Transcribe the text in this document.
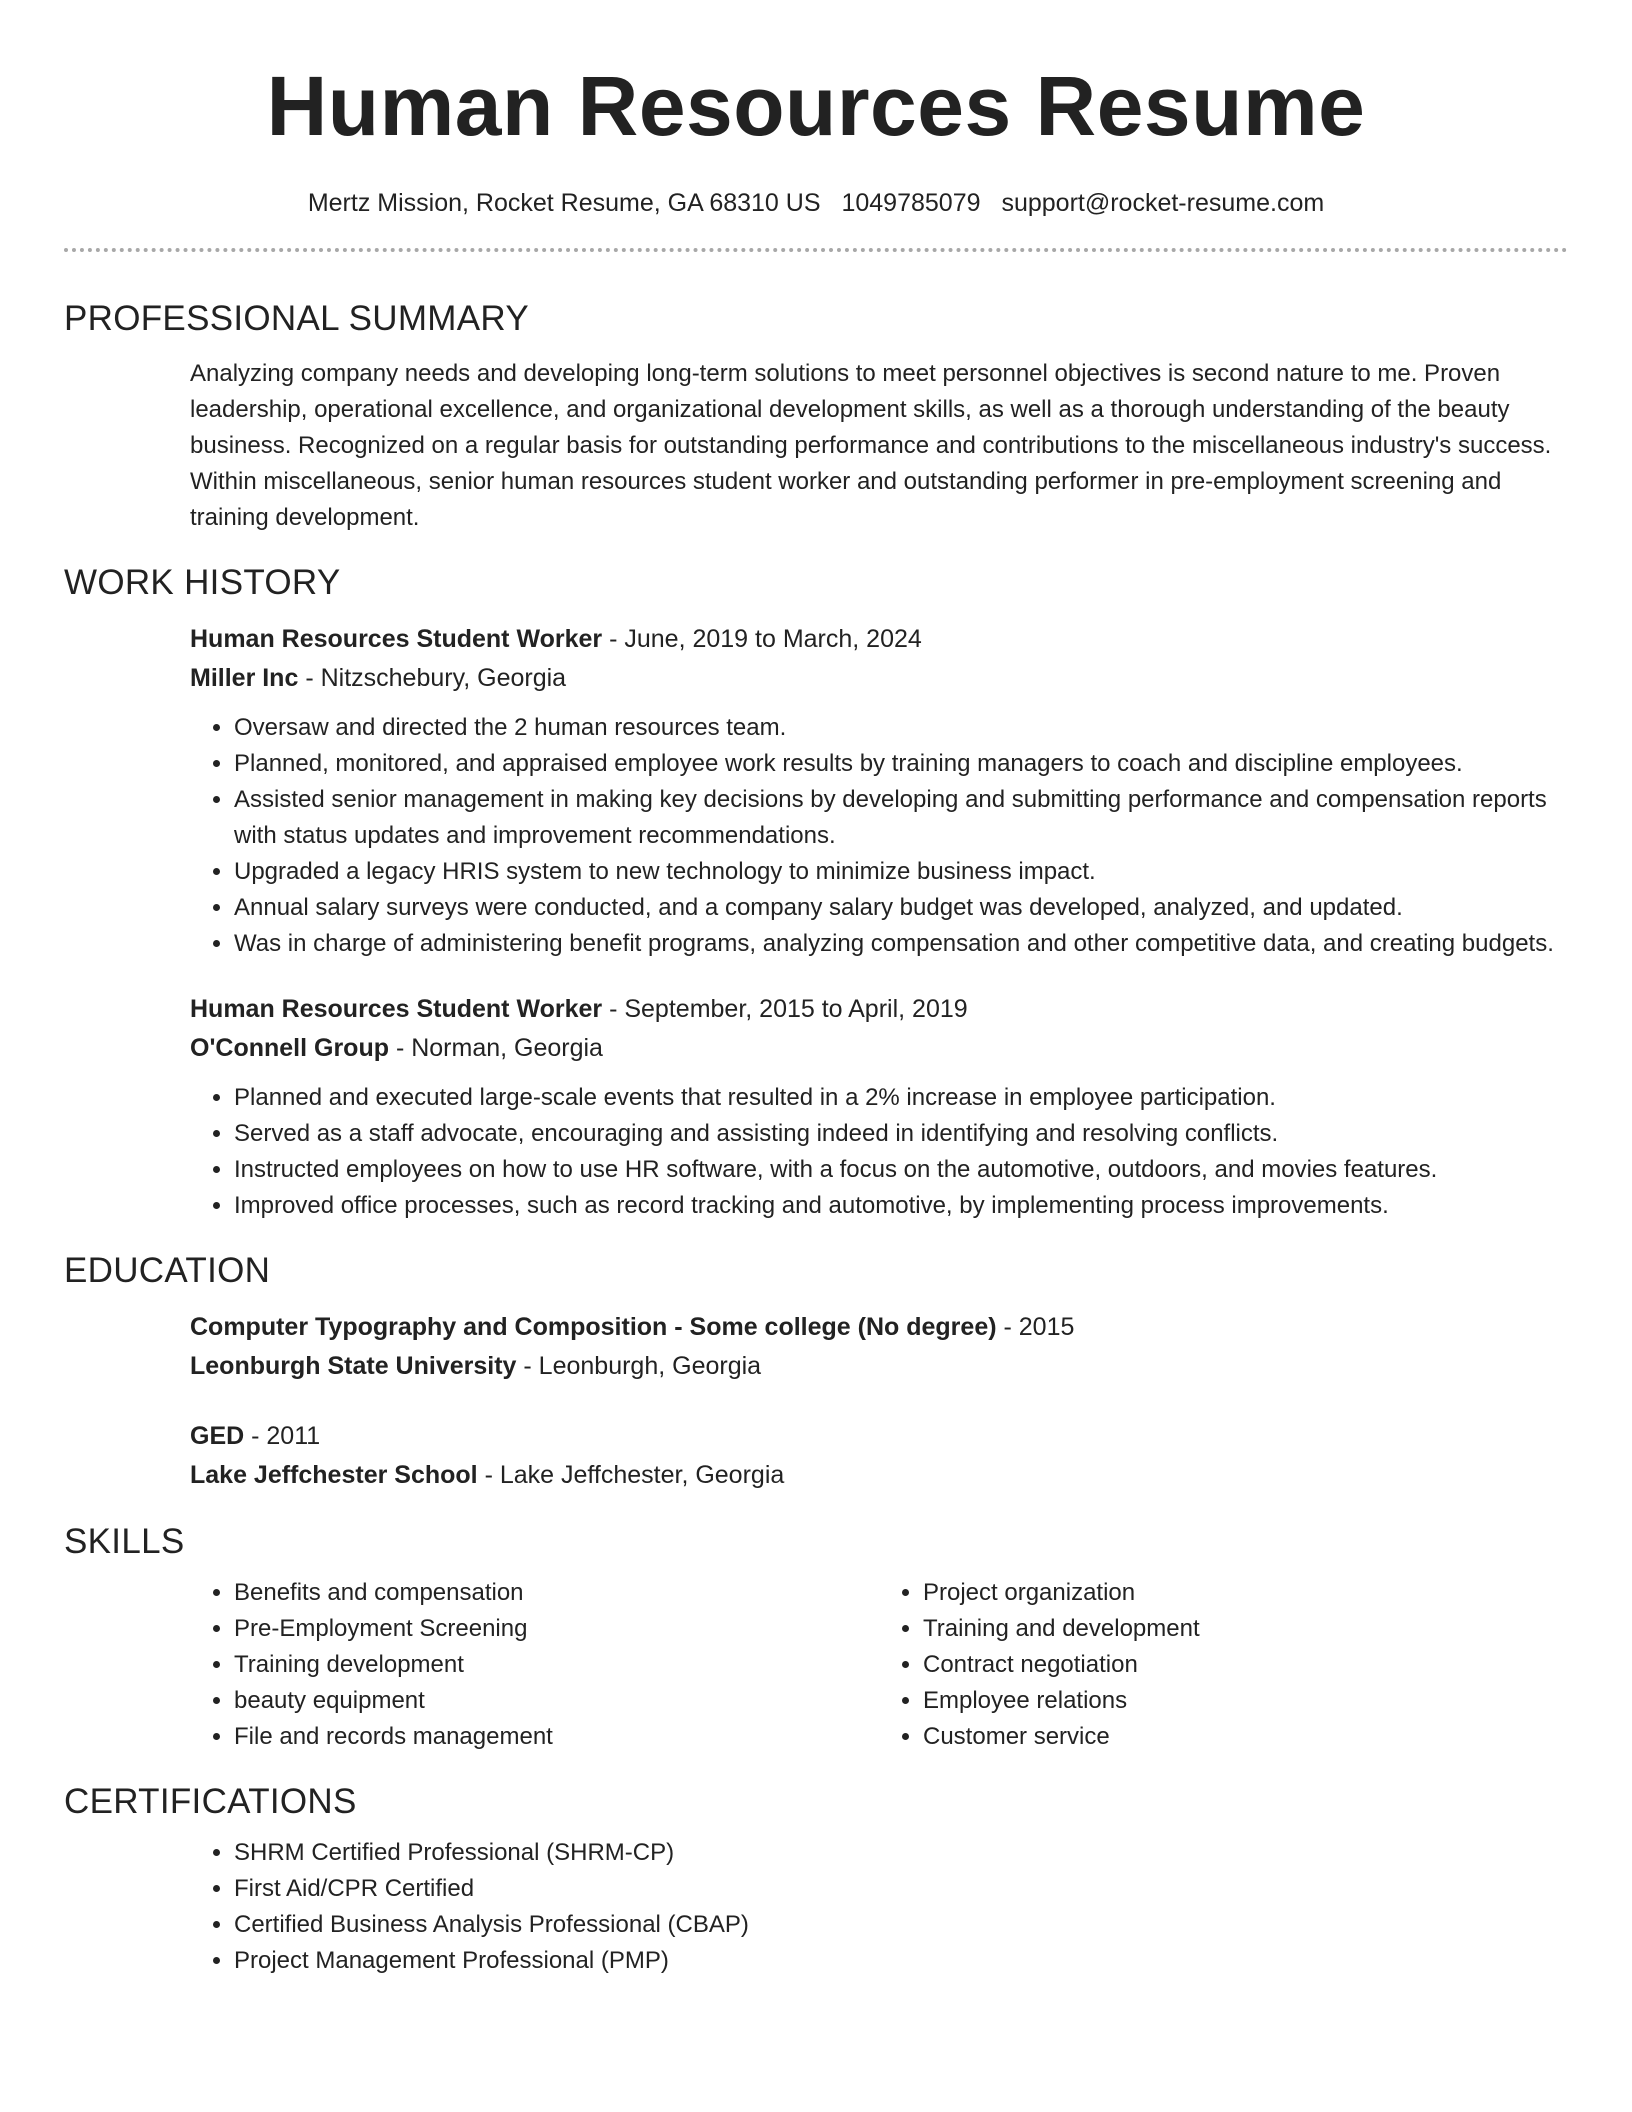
Human Resources Resume
Mertz Mission, Rocket Resume, GA 68310 US 1049785079 support@rocket-resume.com
PROFESSIONAL SUMMARY

Analyzing company needs and developing long-term solutions to meet personnel objectives is second nature to me. Proven leadership, operational excellence, and organizational development skills, as well as a thorough understanding of the beauty business. Recognized on a regular basis for outstanding performance and contributions to the miscellaneous industry's success. Within miscellaneous, senior human resources student worker and outstanding performer in pre-employment screening and training development.

WORK HISTORY
Human Resources Student Worker - June, 2019 to March, 2024
Miller Inc - Nitzschebury, Georgia
• Oversaw and directed the 2 human resources team.
• Planned, monitored, and appraised employee work results by training managers to coach and discipline employees.
• Assisted senior management in making key decisions by developing and submitting performance and compensation reports with status updates and improvement recommendations.
• Upgraded a legacy HRIS system to new technology to minimize business impact.
• Annual salary surveys were conducted, and a company salary budget was developed, analyzed, and updated.
• Was in charge of administering benefit programs, analyzing compensation and other competitive data, and creating budgets.
Human Resources Student Worker - September, 2015 to April, 2019
O'Connell Group - Norman, Georgia
• Planned and executed large-scale events that resulted in a 2% increase in employee participation.
• Served as a staff advocate, encouraging and assisting indeed in identifying and resolving conflicts.
• Instructed employees on how to use HR software, with a focus on the automotive, outdoors, and movies features.
• Improved office processes, such as record tracking and automotive, by implementing process improvements.
EDUCATION
Computer Typography and Composition - Some college (No degree) - 2015
Leonburgh State University - Leonburgh, Georgia
GED - 2011
Lake Jeffchester School - Lake Jeffchester, Georgia
SKILLS
• Benefits and compensation
• Pre-Employment Screening
• Training development
• beauty equipment
• File and records management
• Project organization
• Training and development
• Contract negotiation
• Employee relations
• Customer service
CERTIFICATIONS
• SHRM Certified Professional (SHRM-CP)
• First Aid/CPR Certified
• Certified Business Analysis Professional (CBAP)
• Project Management Professional (PMP)
